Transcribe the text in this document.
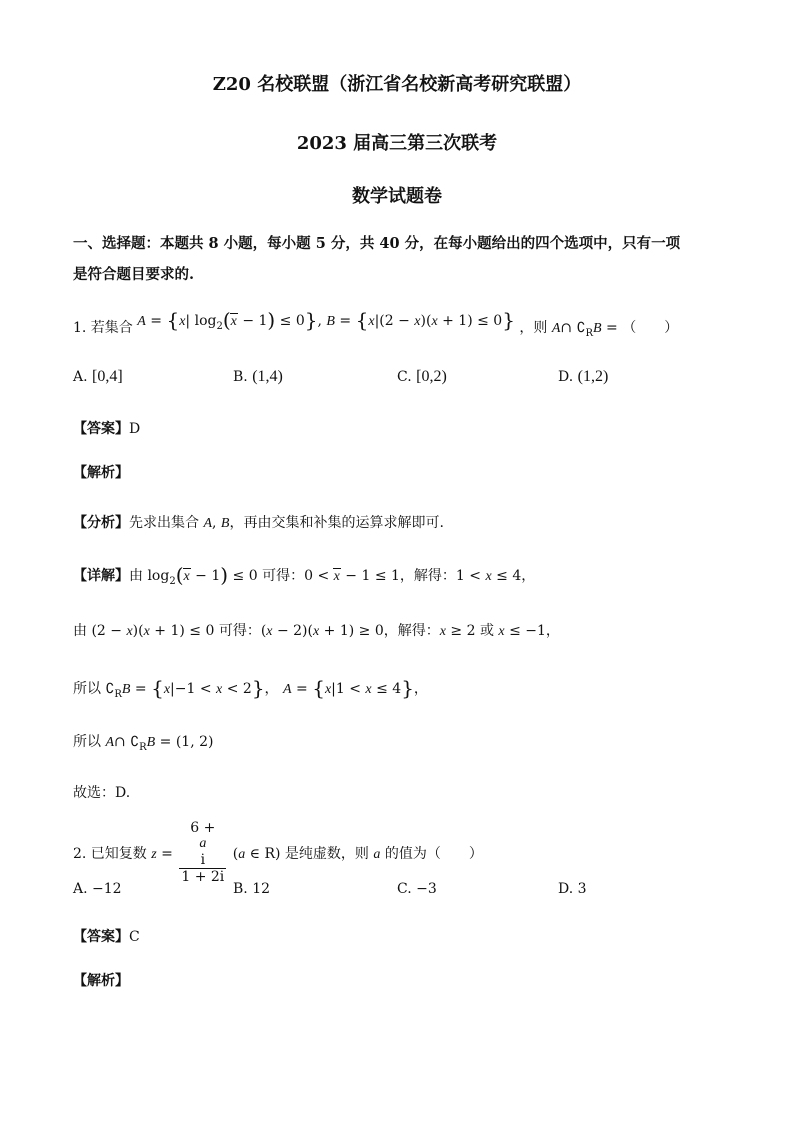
Z20 名校联盟（浙江省名校新高考研究联盟）
2023 届高三第三次联考
数学试题卷
一、选择题：本题共 8 小题，每小题 5 分，共 40 分，在每小题给出的四个选项中，只有一项
是符合题目要求的.
1. 若集合 A = {x| $\log_2(x - 1) \le 0$}, B = {x|(2 − x)(x + 1) ≤ 0} ，则 A∩ $∁_RB$ = （　　）
A. [0,4]	B. (1,4)	C. [0,2)	D. (1,2)
【答案】D
【解析】
【分析】先求出集合 A, B，再由交集和补集的运算求解即可.
【详解】由 $\log_2(x - 1) \le 0$ 可得：0 < x − 1 ≤ 1，解得：1 < x ≤ 4，
由 (2 − x)(x + 1) ≤ 0 可得：(x − 2)(x + 1) ≥ 0，解得：x ≥ 2 或 x ≤ −1，
所以 $∁_RB = \{x|-1 < x < 2\}$， A = {x|1 < x ≤ 4}，
所以 A∩ $∁_RB = (1$, 2)
故选：D.
2. 已知复数 z = 6 +
a
i
1 + 2i (a ∈ R) 是纯虚数，则 a 的值为（　　）
A. −12	B. 12	C. −3	D. 3
【答案】C
【解析】
